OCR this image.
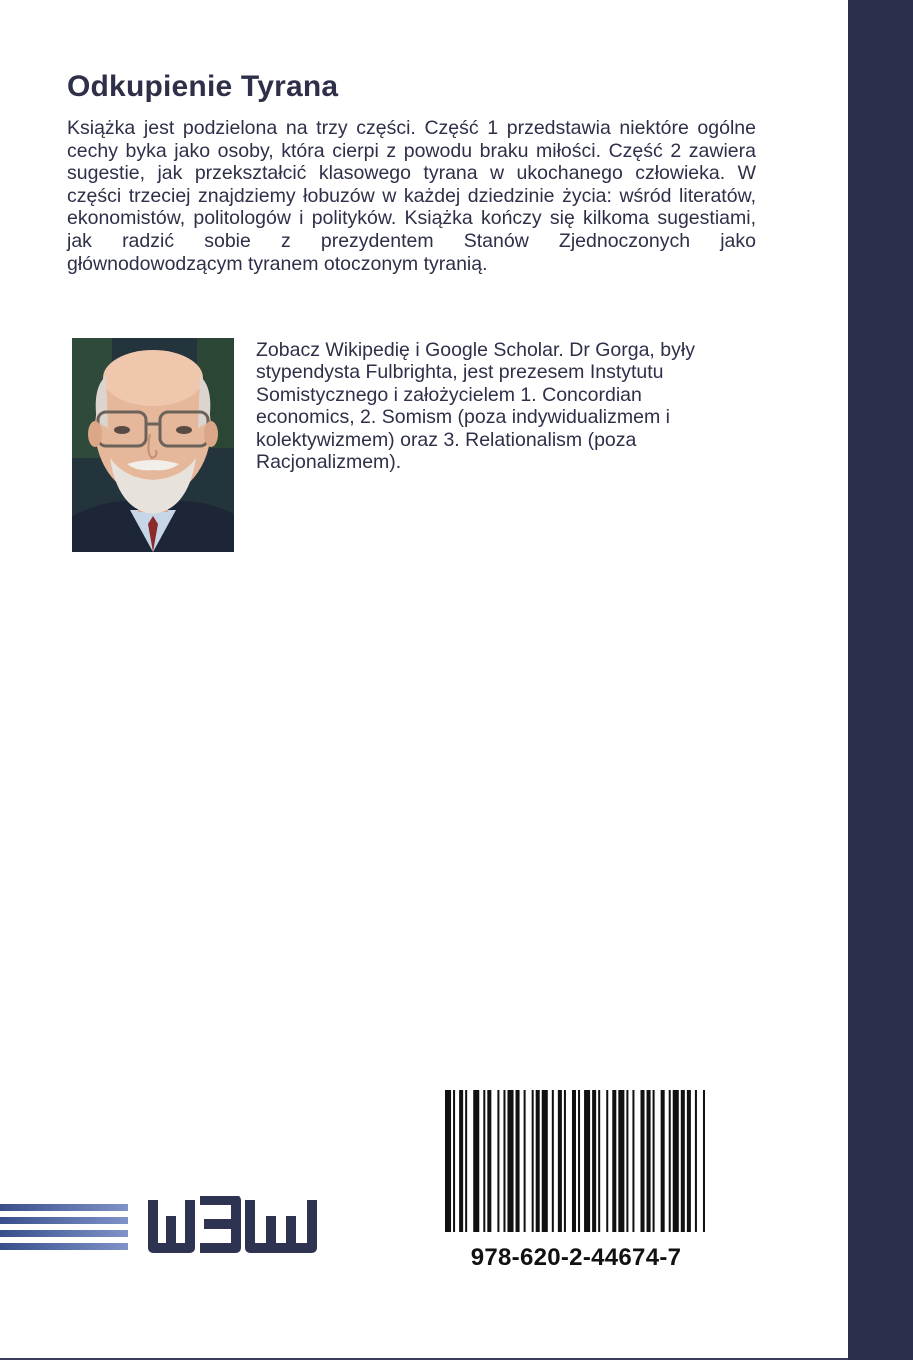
Odkupienie Tyrana

Książka jest podzielona na trzy części. Część 1 przedstawia niektóre ogólne cechy byka jako osoby, która cierpi z powodu braku miłości. Część 2 zawiera sugestie, jak przekształcić klasowego tyrana w ukochanego człowieka. W części trzeciej znajdziemy łobuzów w każdej dziedzinie życia: wśród literatów, ekonomistów, politologów i polityków. Książka kończy się kilkoma sugestiami, jak radzić sobie z prezydentem Stanów Zjednoczonych jako głównodowodzącym tyranem otoczonym tyranią.

Zobacz Wikipedię i Google Scholar. Dr Gorga, były stypendysta Fulbrighta, jest prezesem Instytutu Somistycznego i założycielem 1. Concordian economics, 2. Somism (poza indywidualizmem i kolektywizmem) oraz 3. Relationalism (poza Racjonalizmem).

978-620-2-44674-7
